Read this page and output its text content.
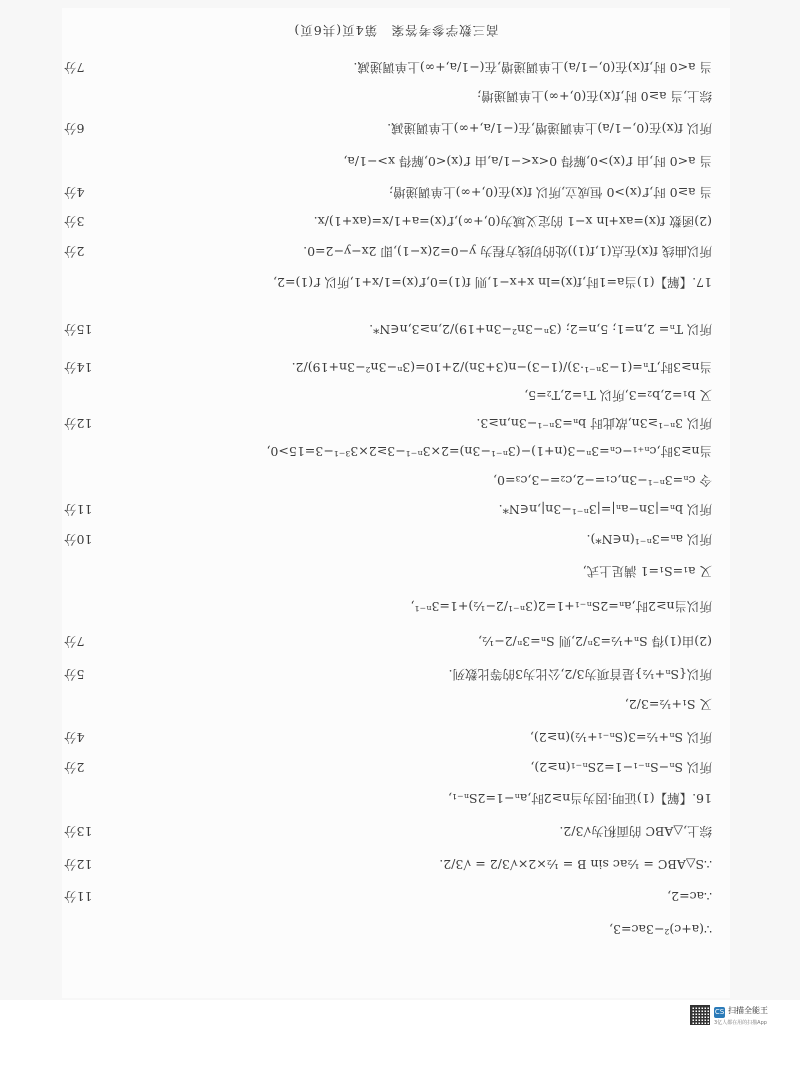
高三数学参考答案　第4页(共6页)
∵(a+c)²−3ac=3,
∴ac=2,
11分
∴S△ABC = ½ac sin B = ½×2×√3/2 = √3/2.
12分
综上,△ABC 的面积为√3/2.
13分
16.【解】(1)证明:因为当n≥2时,aₙ−1=2Sₙ₋₁,
所以 Sₙ−Sₙ₋₁−1=2Sₙ₋₁(n≥2),
2分
所以 Sₙ+½=3(Sₙ₋₁+½)(n≥2),
4分
又 S₁+½=3/2,
所以{Sₙ+½}是首项为3/2,公比为3的等比数列.
5分
(2)由(1)得 Sₙ+½=3ⁿ/2,则 Sₙ=3ⁿ/2−½,
7分
所以当n≥2时,aₙ=2Sₙ₋₁+1=2(3ⁿ⁻¹/2−½)+1=3ⁿ⁻¹,
又 a₁=S₁=1 满足上式,
所以 aₙ=3ⁿ⁻¹(n∈N*).
10分
所以 bₙ=|3n−aₙ|=|3ⁿ⁻¹−3n|,n∈N*.
11分
令 cₙ=3ⁿ⁻¹−3n,c₁=−2,c₂=−3,c₃=0,
当n≥3时,cₙ₊₁−cₙ=3ⁿ−3(n+1)−(3ⁿ⁻¹−3n)=2×3ⁿ⁻¹−3≥2×3³⁻¹−3=15>0,
所以 3ⁿ⁻¹≥3n,故此时 bₙ=3ⁿ⁻¹−3n,n≥3.
12分
又 b₁=2,b₂=3,所以 T₁=2,T₂=5,
当n≥3时,Tₙ=(1−3ⁿ⁻¹·3)/(1−3)−n(3+3n)/2+10=(3ⁿ−3n²−3n+19)/2.
14分
所以 Tₙ= 2,n=1; 5,n=2; (3ⁿ−3n²−3n+19)/2,n≥3,n∈N*.
15分
17.【解】(1)当a=1时,f(x)=ln x+x−1,则 f(1)=0,f′(x)=1/x+1,所以 f′(1)=2,
所以曲线 f(x)在点(1,f(1))处的切线方程为 y−0=2(x−1),即 2x−y−2=0.
2分
(2)函数 f(x)=ax+ln x−1 的定义域为(0,+∞),f′(x)=a+1/x=(ax+1)/x.
3分
当 a≥0 时,f′(x)>0 恒成立,所以 f(x)在(0,+∞)上单调递增;
4分
当 a<0 时,由 f′(x)>0,解得 0<x<−1/a,由 f′(x)<0,解得 x>−1/a,
所以 f(x)在(0,−1/a)上单调递增,在(−1/a,+∞)上单调递减.
6分
综上,当 a≥0 时,f(x)在(0,+∞)上单调递增;
当 a<0 时,f(x)在(0,−1/a)上单调递增,在(−1/a,+∞)上单调递减.
7分
CS 扫描全能王
3亿人都在用的扫描App
